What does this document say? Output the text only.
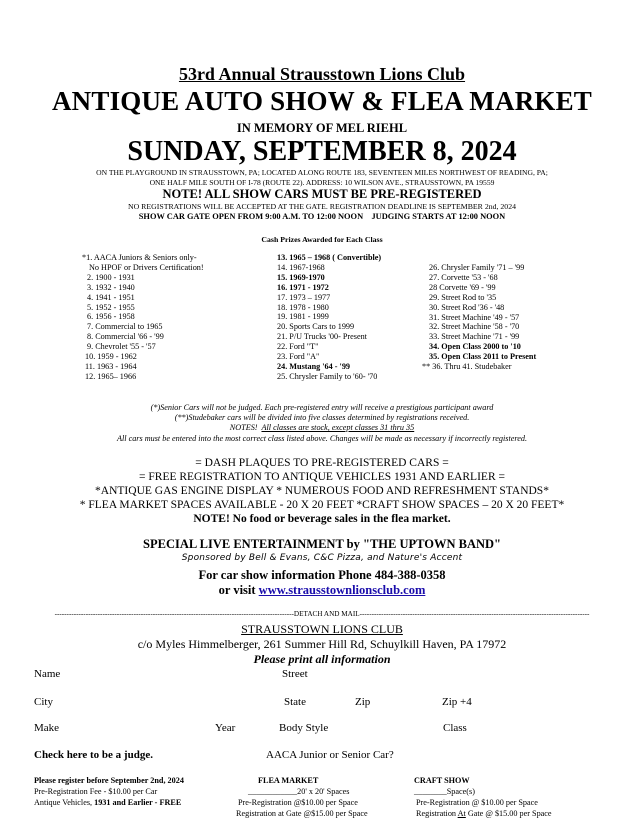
53rd Annual Strausstown Lions Club
ANTIQUE AUTO SHOW & FLEA MARKET
IN MEMORY OF MEL RIEHL
SUNDAY, SEPTEMBER 8, 2024
ON THE PLAYGROUND IN STRAUSSTOWN, PA; LOCATED ALONG ROUTE 183, SEVENTEEN MILES NORTHWEST OF READING, PA;
ONE HALF MILE SOUTH OF I-78 (ROUTE 22). ADDRESS: 10 WILSON AVE., STRAUSSTOWN, PA 19559
NOTE! ALL SHOW CARS MUST BE PRE-REGISTERED
NO REGISTRATIONS WILL BE ACCEPTED AT THE GATE. REGISTRATION DEADLINE IS SEPTEMBER 2nd, 2024
SHOW CAR GATE OPEN FROM 9:00 A.M. TO 12:00 NOON    JUDGING STARTS AT 12:00 NOON
Cash Prizes Awarded for Each Class
*1. AACA Juniors & Seniors only-
No HPOF or Drivers Certification!
2. 1900 - 1931
3. 1932 - 1940
4. 1941 - 1951
5. 1952 - 1955
6. 1956 - 1958
7. Commercial to 1965
8. Commercial '66 - '99
9. Chevrolet '55 - '57
10. 1959 - 1962
11. 1963 - 1964
12. 1965– 1966
13. 1965 – 1968 ( Convertible)
14. 1967-1968
15. 1969-1970
16. 1971 - 1972
17. 1973 – 1977
18. 1978 - 1980
19. 1981 - 1999
20. Sports Cars to 1999
21. P/U Trucks '00- Present
22. Ford "T"
23. Ford "A"
24. Mustang '64 - '99
25. Chrysler Family to '60- '70
26. Chrysler Family '71 – '99
27. Corvette '53 - '68
28 Corvette '69 - '99
29. Street Rod to '35
30. Street Rod '36 - '48
31. Street Machine '49 - '57
32. Street Machine '58 - '70
33. Street Machine '71 - '99
34. Open Class 2000 to '10
35. Open Class 2011 to Present
** 36. Thru 41. Studebaker
(*)Senior Cars will not be judged. Each pre-registered entry will receive a prestigious participant award
(**)Studebaker cars will be divided into five classes determined by registrations received.
NOTES! All classes are stock, except classes 31 thru 35
All cars must be entered into the most correct class listed above. Changes will be made as necessary if incorrectly registered.
= DASH PLAQUES TO PRE-REGISTERED CARS =
= FREE REGISTRATION TO ANTIQUE VEHICLES 1931 AND EARLIER =
*ANTIQUE GAS ENGINE DISPLAY * NUMEROUS FOOD AND REFRESHMENT STANDS*
* FLEA MARKET SPACES AVAILABLE - 20 X 20 FEET *CRAFT SHOW SPACES – 20 X 20 FEET*
NOTE! No food or beverage sales in the flea market.
SPECIAL LIVE ENTERTAINMENT by "THE UPTOWN BAND"
Sponsored by Bell & Evans, C&C Pizza, and Nature's Accent
For car show information Phone 484-388-0358
or visit www.strausstownlionsclub.com
----------------------------------------------------------------------------------------------------DETACH AND MAIL------------------------------------------------------------------------------------------------
STRAUSSTOWN LIONS CLUB
c/o Myles Himmelberger, 261 Summer Hill Rd, Schuylkill Haven, PA 17972
Please print all information
Name	Street
City	State	Zip	Zip +4
Make	Year	Body Style	Class
Check here to be a judge.	AACA Junior or Senior Car?
Please register before September 2nd, 2024
Pre-Registration Fee - $10.00 per Car
Antique Vehicles, 1931 and Earlier - FREE
FLEA MARKET
____________20' x 20' Spaces
Pre-Registration @$10.00 per Space
Registration at Gate @$15.00 per Space
CRAFT SHOW
________Space(s)
Pre-Registration @ $10.00 per Space
Registration At Gate @ $15.00 per Space
